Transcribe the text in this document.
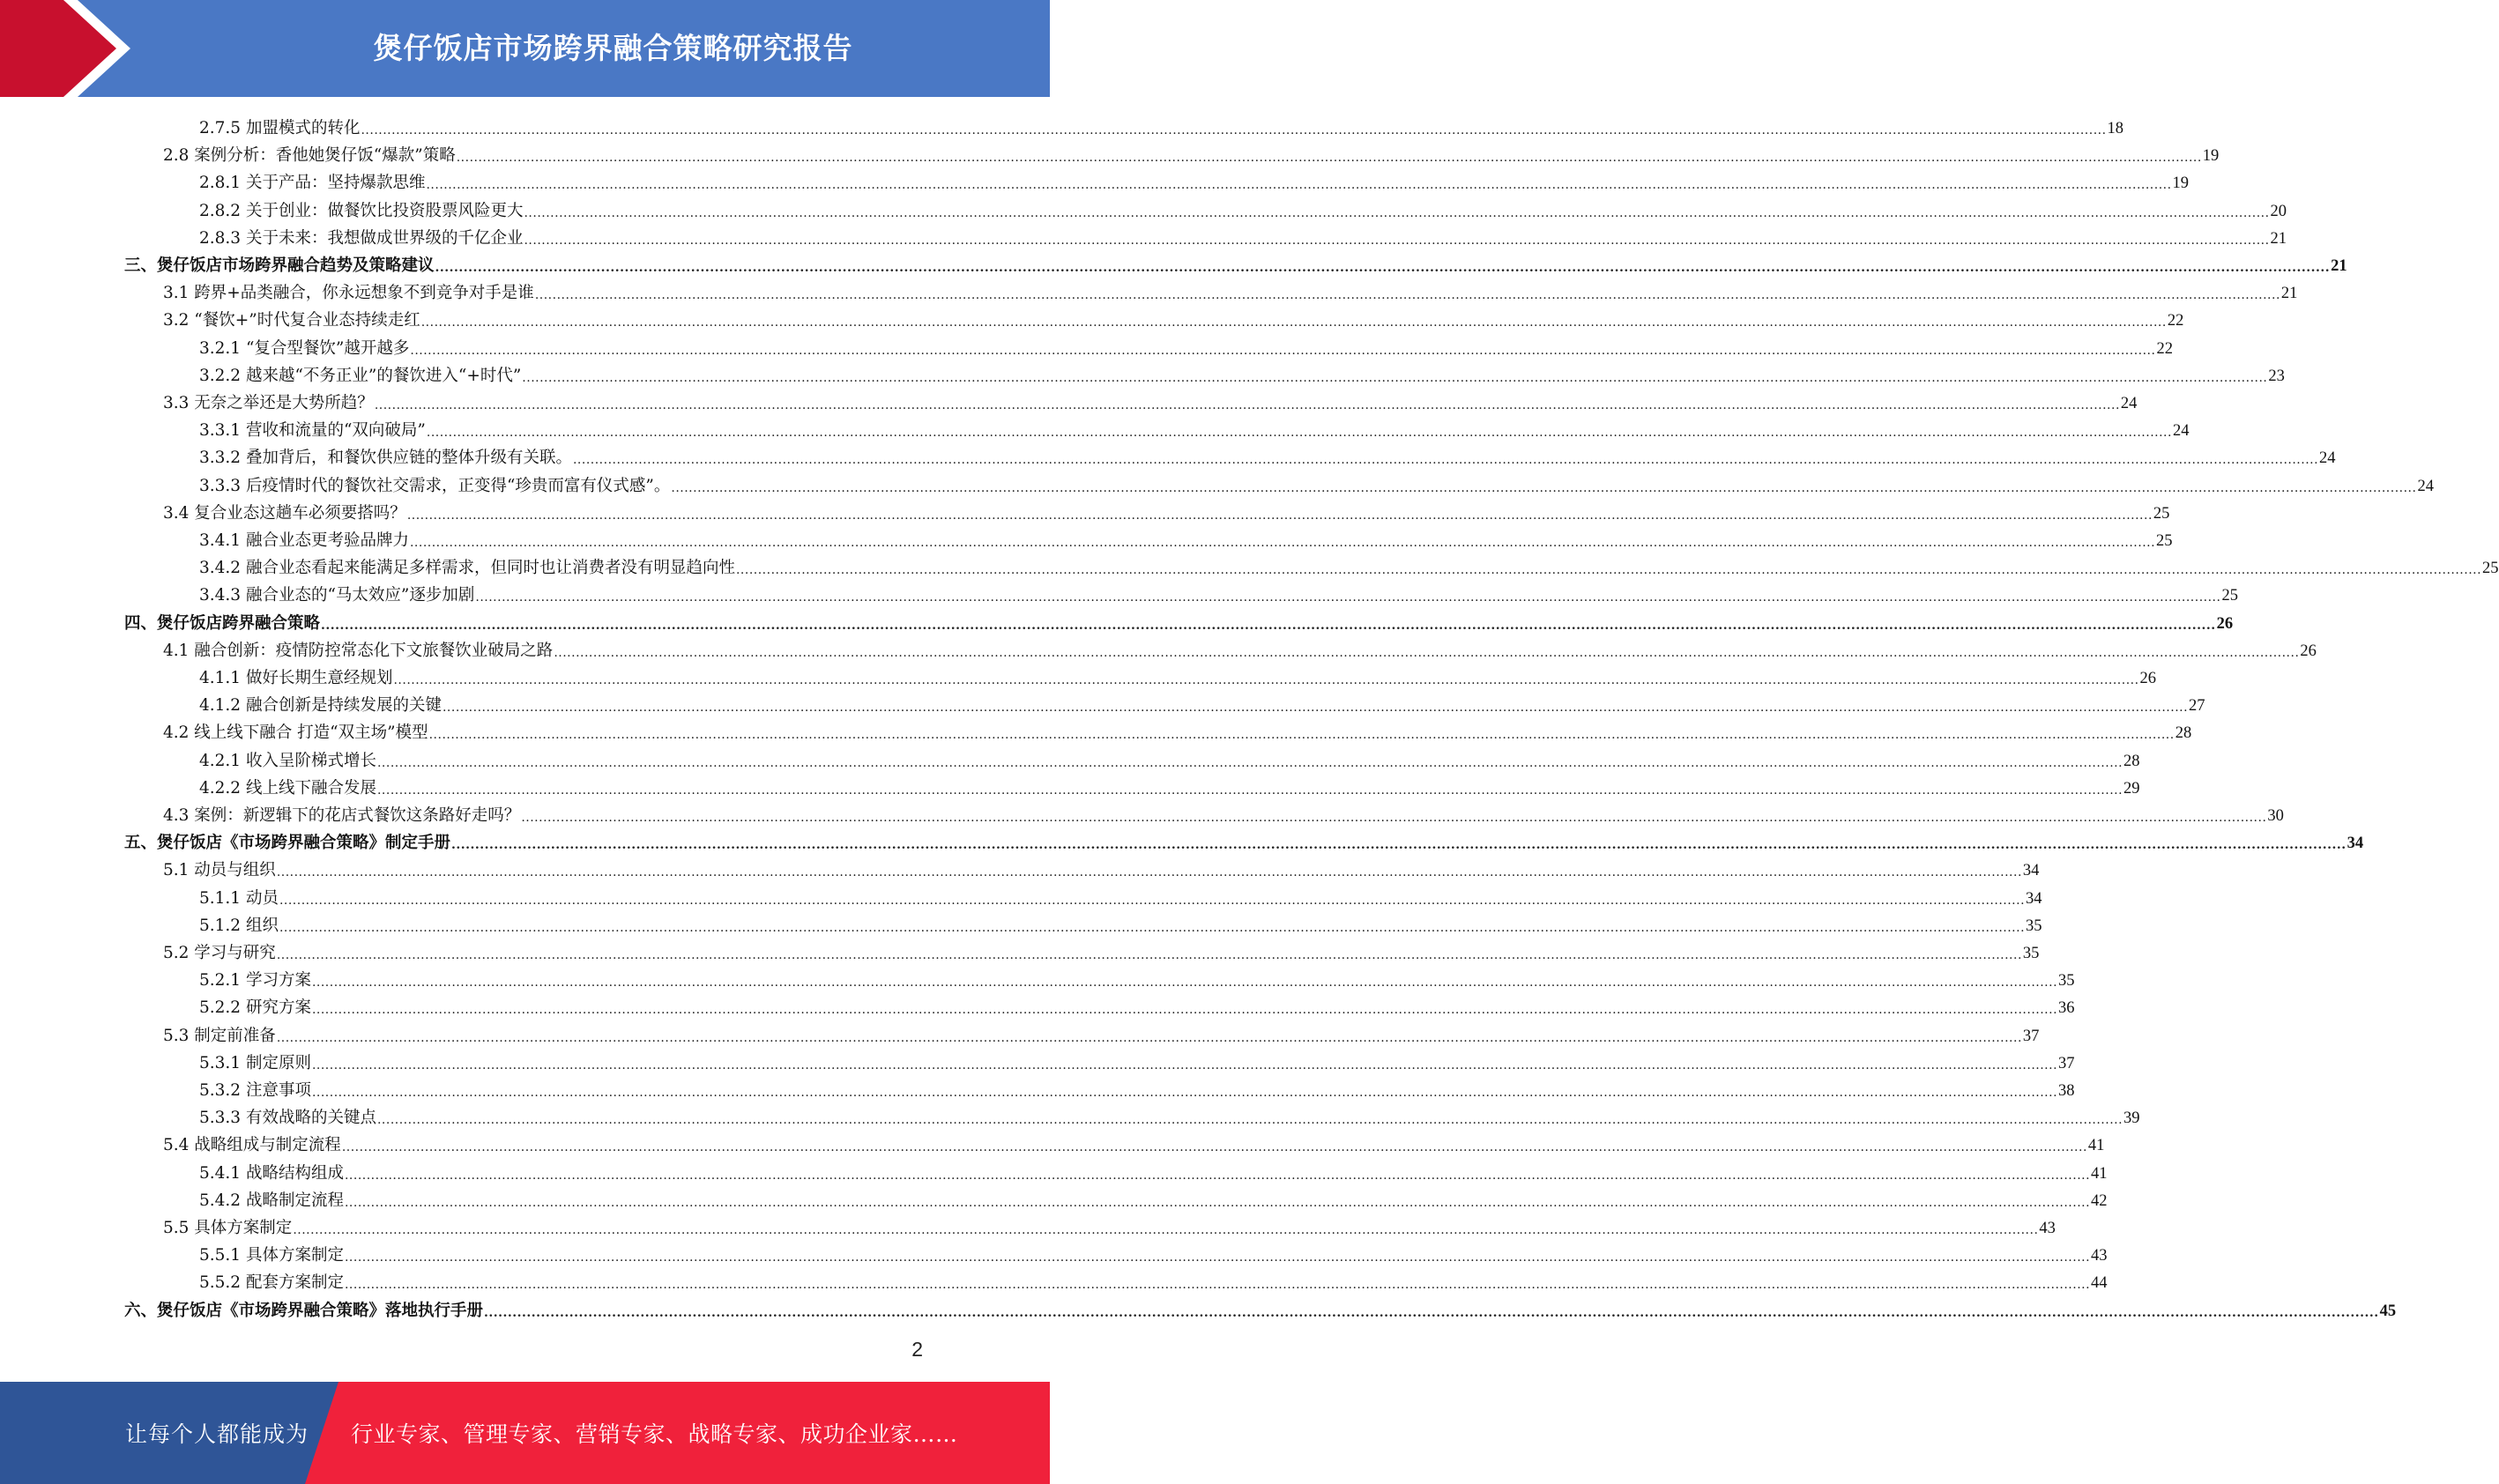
煲仔饭店市场跨界融合策略研究报告
2.7.5 加盟模式的转化 ................................................................................................................................................................................................................................................................................................................................................................................................................ 18
2.8 案例分析：香他她煲仔饭“爆款”策略 ................................................................................................................................................................................................................................................................................................................................................................................................................ 19
2.8.1 关于产品：坚持爆款思维 ................................................................................................................................................................................................................................................................................................................................................................................................................ 19
2.8.2 关于创业：做餐饮比投资股票风险更大 ................................................................................................................................................................................................................................................................................................................................................................................................................ 20
2.8.3 关于未来：我想做成世界级的千亿企业 ................................................................................................................................................................................................................................................................................................................................................................................................................ 21
三、煲仔饭店市场跨界融合趋势及策略建议 ................................................................................................................................................................................................................................................................................................................................................................................................................ 21
3.1 跨界+品类融合，你永远想象不到竞争对手是谁 ................................................................................................................................................................................................................................................................................................................................................................................................................ 21
3.2 “餐饮+”时代复合业态持续走红 ................................................................................................................................................................................................................................................................................................................................................................................................................ 22
3.2.1 “复合型餐饮”越开越多 ................................................................................................................................................................................................................................................................................................................................................................................................................ 22
3.2.2 越来越“不务正业”的餐饮进入“+时代” ................................................................................................................................................................................................................................................................................................................................................................................................................ 23
3.3 无奈之举还是大势所趋？ ................................................................................................................................................................................................................................................................................................................................................................................................................ 24
3.3.1 营收和流量的“双向破局” ................................................................................................................................................................................................................................................................................................................................................................................................................ 24
3.3.2 叠加背后，和餐饮供应链的整体升级有关联。 ................................................................................................................................................................................................................................................................................................................................................................................................................ 24
3.3.3 后疫情时代的餐饮社交需求，正变得“珍贵而富有仪式感”。 ................................................................................................................................................................................................................................................................................................................................................................................................................ 24
3.4 复合业态这趟车必须要搭吗？ ................................................................................................................................................................................................................................................................................................................................................................................................................ 25
3.4.1 融合业态更考验品牌力 ................................................................................................................................................................................................................................................................................................................................................................................................................ 25
3.4.2 融合业态看起来能满足多样需求，但同时也让消费者没有明显趋向性 ................................................................................................................................................................................................................................................................................................................................................................................................................ 25
3.4.3 融合业态的“马太效应”逐步加剧 ................................................................................................................................................................................................................................................................................................................................................................................................................ 25
四、煲仔饭店跨界融合策略 ................................................................................................................................................................................................................................................................................................................................................................................................................ 26
4.1 融合创新：疫情防控常态化下文旅餐饮业破局之路 ................................................................................................................................................................................................................................................................................................................................................................................................................ 26
4.1.1 做好长期生意经规划 ................................................................................................................................................................................................................................................................................................................................................................................................................ 26
4.1.2 融合创新是持续发展的关键 ................................................................................................................................................................................................................................................................................................................................................................................................................ 27
4.2 线上线下融合 打造“双主场”模型 ................................................................................................................................................................................................................................................................................................................................................................................................................ 28
4.2.1 收入呈阶梯式增长 ................................................................................................................................................................................................................................................................................................................................................................................................................ 28
4.2.2 线上线下融合发展 ................................................................................................................................................................................................................................................................................................................................................................................................................ 29
4.3 案例：新逻辑下的花店式餐饮这条路好走吗？ ................................................................................................................................................................................................................................................................................................................................................................................................................ 30
五、煲仔饭店《市场跨界融合策略》制定手册 ................................................................................................................................................................................................................................................................................................................................................................................................................ 34
5.1 动员与组织 ................................................................................................................................................................................................................................................................................................................................................................................................................ 34
5.1.1 动员 ................................................................................................................................................................................................................................................................................................................................................................................................................ 34
5.1.2 组织 ................................................................................................................................................................................................................................................................................................................................................................................................................ 35
5.2 学习与研究 ................................................................................................................................................................................................................................................................................................................................................................................................................ 35
5.2.1 学习方案 ................................................................................................................................................................................................................................................................................................................................................................................................................ 35
5.2.2 研究方案 ................................................................................................................................................................................................................................................................................................................................................................................................................ 36
5.3 制定前准备 ................................................................................................................................................................................................................................................................................................................................................................................................................ 37
5.3.1 制定原则 ................................................................................................................................................................................................................................................................................................................................................................................................................ 37
5.3.2 注意事项 ................................................................................................................................................................................................................................................................................................................................................................................................................ 38
5.3.3 有效战略的关键点 ................................................................................................................................................................................................................................................................................................................................................................................................................ 39
5.4 战略组成与制定流程 ................................................................................................................................................................................................................................................................................................................................................................................................................ 41
5.4.1 战略结构组成 ................................................................................................................................................................................................................................................................................................................................................................................................................ 41
5.4.2 战略制定流程 ................................................................................................................................................................................................................................................................................................................................................................................................................ 42
5.5 具体方案制定 ................................................................................................................................................................................................................................................................................................................................................................................................................ 43
5.5.1 具体方案制定 ................................................................................................................................................................................................................................................................................................................................................................................................................ 43
5.5.2 配套方案制定 ................................................................................................................................................................................................................................................................................................................................................................................................................ 44
六、煲仔饭店《市场跨界融合策略》落地执行手册 ................................................................................................................................................................................................................................................................................................................................................................................................................ 45
2
让每个人都能成为 行业专家、管理专家、营销专家、战略专家、成功企业家……
